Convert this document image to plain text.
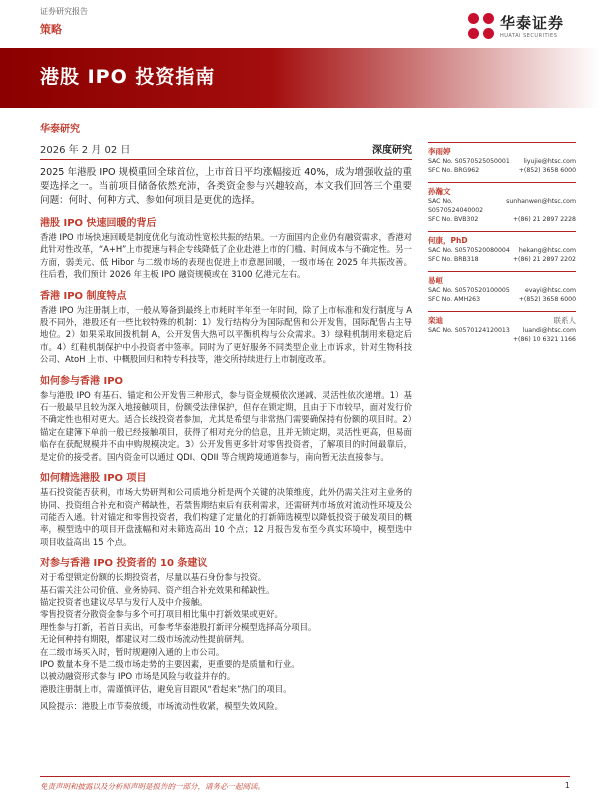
证券研究报告
策略	华泰证券
HUATAI SECURITIES
港股 IPO 投资指南
华泰研究
2026 年 2 月 02 日	深度研究

2025 年港股 IPO 规模重回全球首位，上市首日平均涨幅接近 40%，成为增强收益的重要选择之一。当前项目储备依然充沛，各类资金参与兴趣较高，本文我们回答三个重要问题：何时、何种方式、参如何项目是更优的选择。

港股 IPO 快速回暖的背后

香港 IPO 市场快速回暖是制度优化与流动性宽松共振的结果。一方面国内企业仍有融资需求，香港对此针对性改革，“A+H”上市提速与料企专线降低了企业赴港上市的门槛、时间成本与不确定性。另一方面，弱美元、低 Hibor 与二级市场的表现也促进上市意愿回暖，一级市场在 2025 年共振改善。往后看，我们预计 2026 年主板 IPO 融资规模或在 3100 亿港元左右。

香港 IPO 制度特点

香港 IPO 为注册制上市，一般从筹备到最终上市耗时半年至一年时间，除了上市标准和发行制度与 A 股不同外，港股还有一些比较特殊的机制：1）发行结构分为国际配售和公开发售，国际配售占主导地位。2）如果采取回拨机制 A，公开发售大热可以平衡机构与公众需求。3）绿鞋机制用来稳定后市。4）红鞋机制保护中小投资者中签率。同时为了更好服务不同类型企业上市诉求，针对生物科技公司、AtoH 上市、中概股回归和特专科技等，港交所持续进行上市制度改革。

如何参与香港 IPO

参与港股 IPO 有基石、锚定和公开发售三种形式，参与资金规模依次递减、灵活性依次递增。1）基石一般最早且较为深入地接触项目，份额受法律保护，但存在锁定期，且由于下市较早，面对发行价不确定性也相对更大。适合长线投资者参加，尤其是希望与非常热门需要确保持有份额的项目时。2）锚定在建簿下单前一般已经接触项目，获得了相对充分的信息，且并无锁定期，灵活性更高，但易面临存在获配规模并不由申购规模决定。3）公开发售更多针对零售投资者，了解项目的时间最靠后，是定价的接受者。国内资金可以通过 QDI、QDII 等合规跨境通道参与，南向暂无法直接参与。

如何精选港股 IPO 项目

基石投资能否获利，市场大势研判和公司质地分析是两个关键的决策维度，此外仍需关注对主业务的协同、投资组合补充和资产稀缺性，若禁售期结束后有获利需求，还需研判市场放对流动性环境及公司能否入通。针对锚定和零售投资者，我们构建了定量化的打新筛选模型以降低投资于破发项目的概率，模型选中的项目开盘涨幅和对未筛选高出 10 个点；12 月报告发布至今真实环境中，模型选中项目收益高出 15 个点。

对参与香港 IPO 投资者的 10 条建议

对于希望锁定份额的长期投资者，尽量以基石身份参与投资。
基石需关注公司价值、业务协同、资产组合补充效果和稀缺性。
锚定投资者也建议尽早与发行人及中介接触。
零售投资者分散资金参与多个可打项目相比集中打新效果或更好。
理性参与打新，若首日卖出，可参考华泰港股打新评分模型选择高分项目。
无论何种持有期限，都建议对二级市场流动性提前研判。
在二级市场买入时，暂时规避刚入通的上市公司。
IPO 数量本身不是二级市场走势的主要因素，更重要的是质量和行业。
以被动融资形式参与 IPO 市场是风险与收益并存的。
港股注册制上市，需谨慎评估，避免盲目跟风“看起来”热门的项目。

风险提示：港股上市节奏放缓，市场流动性收紧，模型失效风险。

李雨婷
SAC No. S0570525050001 liyujie@htsc.com
SFC No. BRG962	+(852) 3658 6000
孙瀚文
SAC No. S0570524040002
sunhanwen@htsc.com
SFC No. BVB302	+(86) 21 2897 2228
何康，PhD
SAC No. S0570520080004 hekang@htsc.com
SFC No. BRB318	+(86) 21 2897 2202
易峘
SAC No. S0570520100005 evayi@htsc.com
SFC No. AMH263	+(852) 3658 6000
栾迪	联系人
SAC No. S0570124120013 luandi@htsc.com
+(86) 10 6321 1166
免责声明和披露以及分析师声明是报告的一部分，请务必一起阅读。	1
